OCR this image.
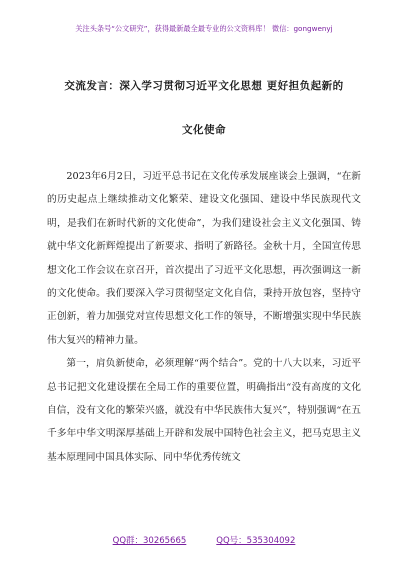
关注头条号“公文研究”，获得最新最全最专业的公文资料库！ 微信：gongwenyj
交流发言：深入学习贯彻习近平文化思想 更好担负起新的
文化使命

2023年6月2日，习近平总书记在文化传承发展座谈会上强调，“在新的历史起点上继续推动文化繁荣、建设文化强国、建设中华民族现代文明，是我们在新时代新的文化使命”，为我们建设社会主义文化强国、铸就中华文化新辉煌提出了新要求、指明了新路径。金秋十月，全国宣传思想文化工作会议在京召开，首次提出了习近平文化思想，再次强调这一新的文化使命。我们要深入学习贯彻坚定文化自信，秉持开放包容，坚持守正创新，着力加强党对宣传思想文化工作的领导，不断增强实现中华民族伟大复兴的精神力量。

第一，肩负新使命，必须理解“两个结合”。党的十八大以来，习近平总书记把文化建设摆在全局工作的重要位置，明确指出“没有高度的文化自信，没有文化的繁荣兴盛，就没有中华民族伟大复兴”，特别强调“在五千多年中华文明深厚基础上开辟和发展中国特色社会主义，把马克思主义基本原理同中国具体实际、同中华优秀传统文

QQ群：30265665	QQ号：535304092
